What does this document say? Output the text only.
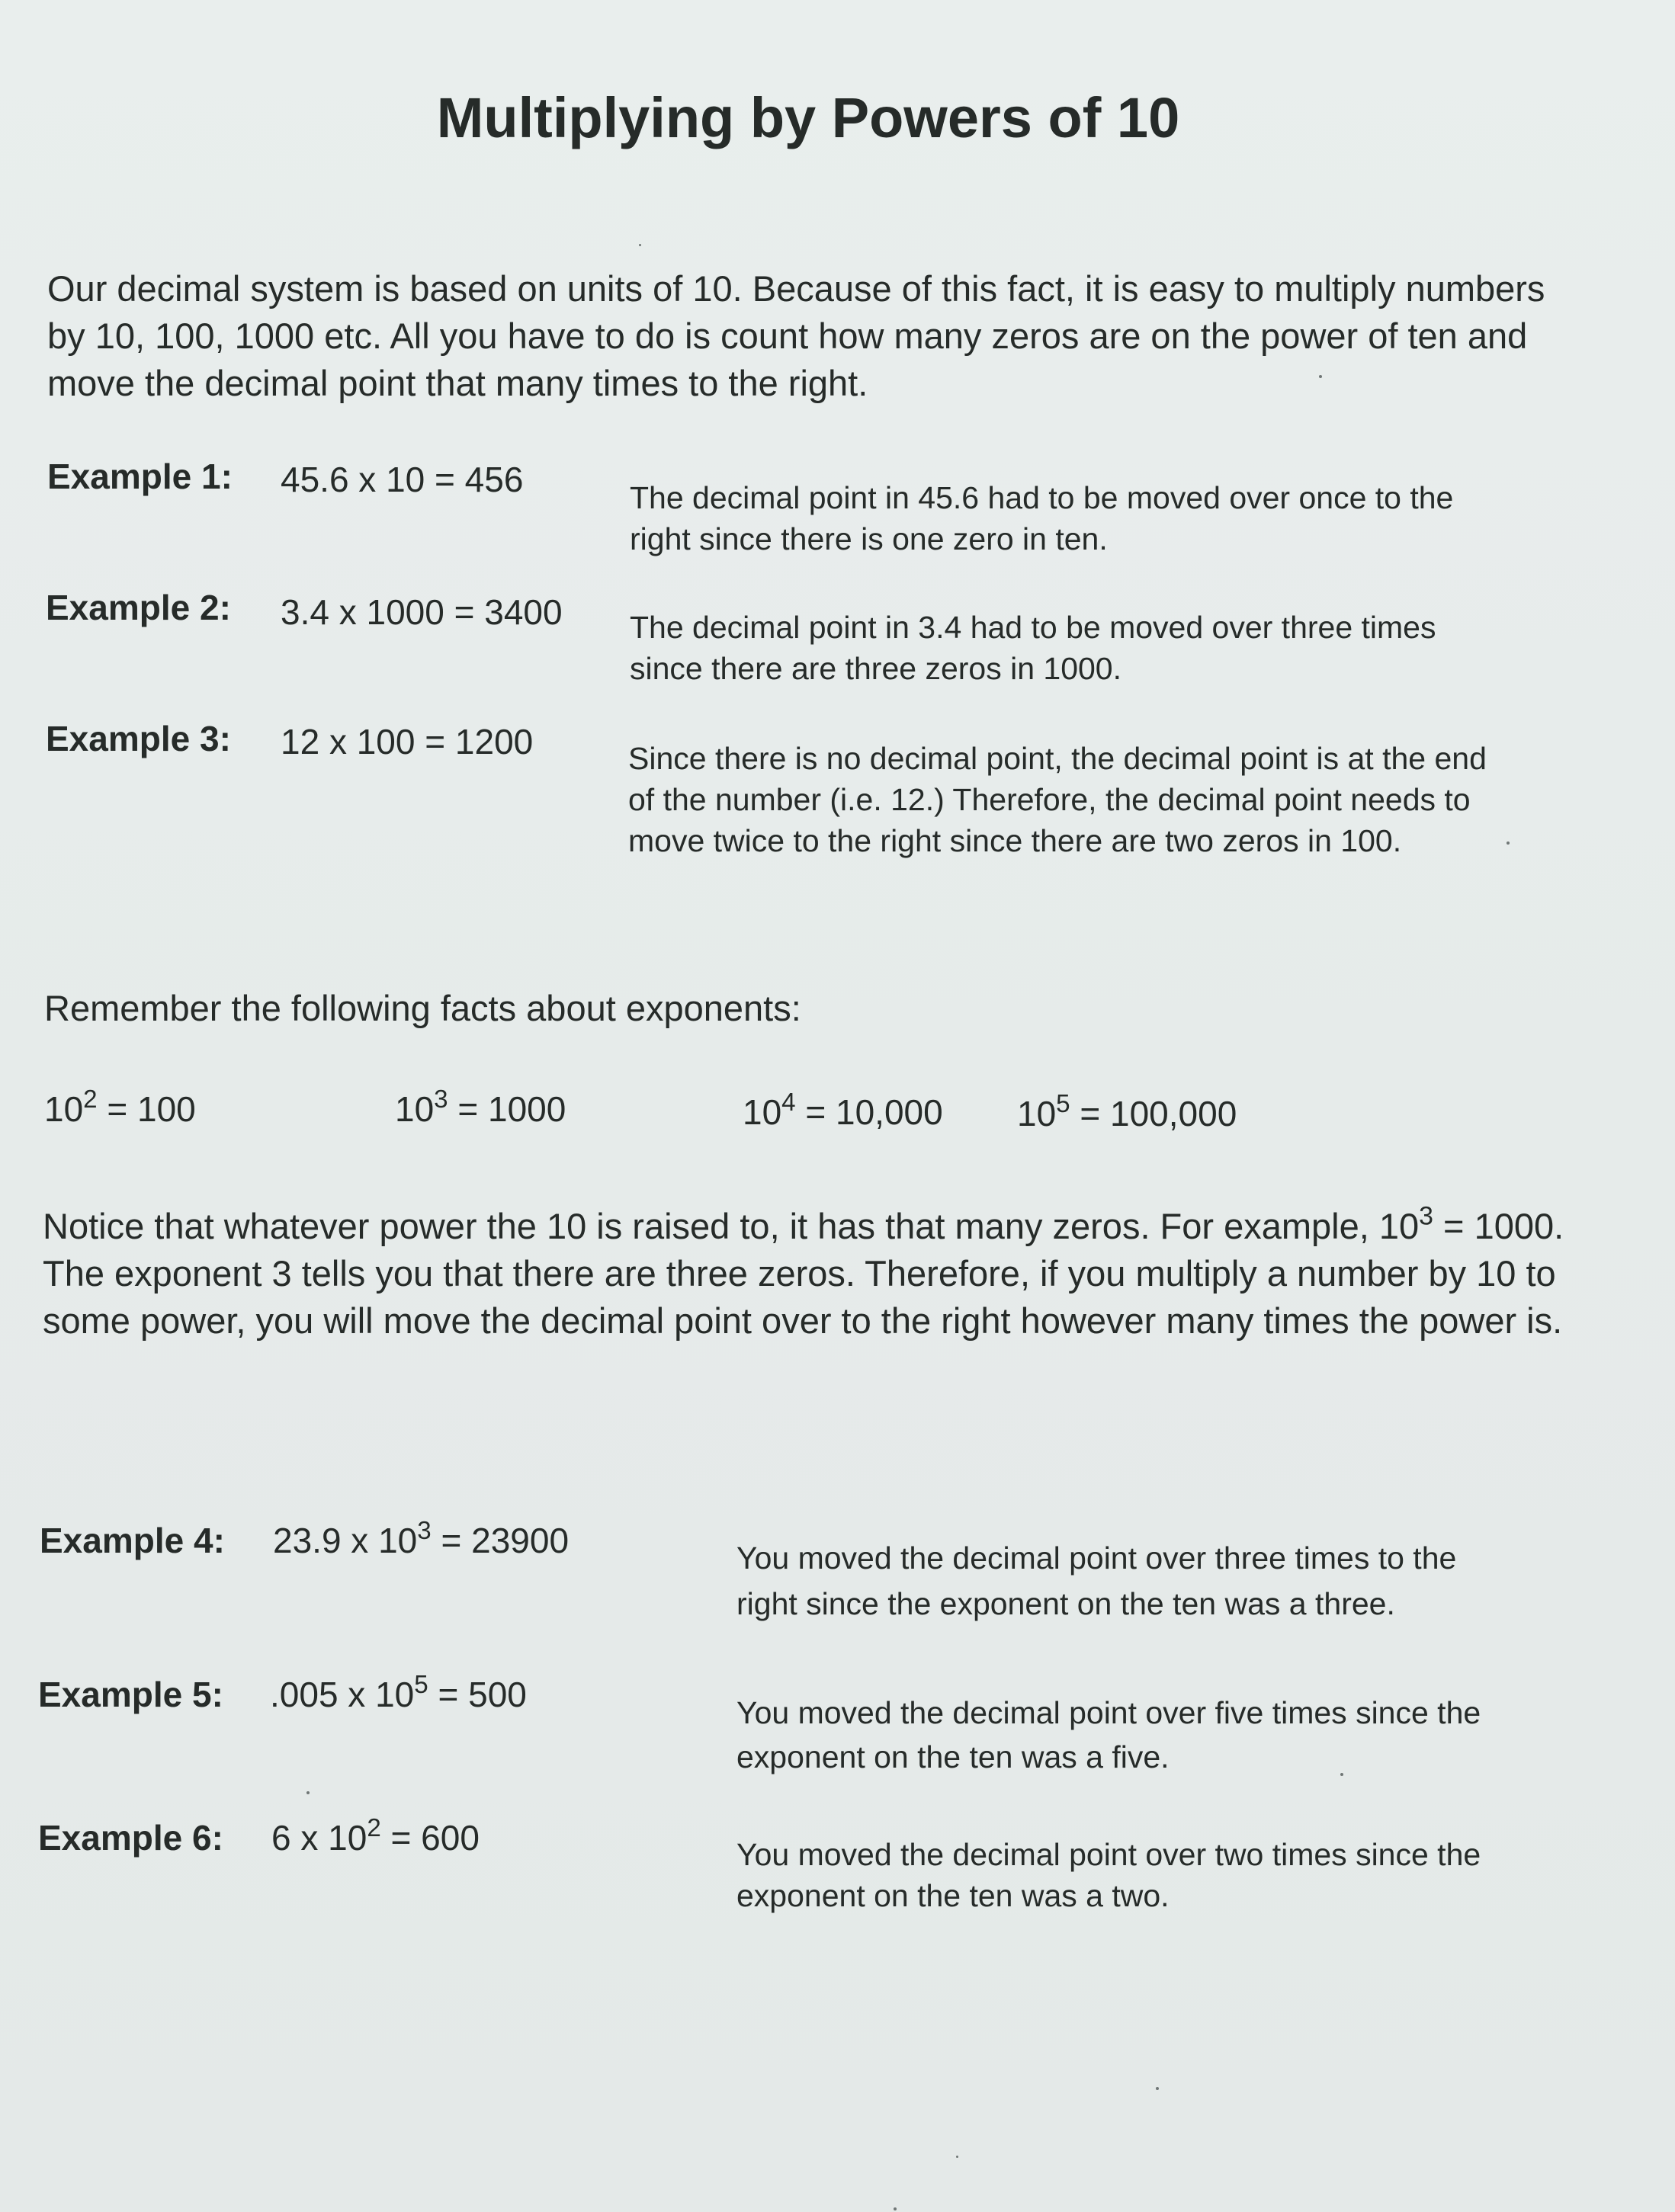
Multiplying by Powers of 10
Our decimal system is based on units of 10. Because of this fact, it is easy to multiply numbers by 10, 100, 1000 etc. All you have to do is count how many zeros are on the power of ten and move the decimal point that many times to the right.
Example 1: 45.6 x 10 = 456	The decimal point in 45.6 had to be moved over once to the right since there is one zero in ten.
Example 2: 3.4 x 1000 = 3400 The decimal point in 3.4 had to be moved over three times since there are three zeros in 1000.
Example 3: 12 x 100 = 1200	Since there is no decimal point, the decimal point is at the end of the number (i.e. 12.) Therefore, the decimal point needs to move twice to the right since there are two zeros in 100.
Remember the following facts about exponents:
$10^2 = 100$	$10^3 = 1000$	$10^4 = 10,000$ $10^5 = 100,000$
Notice that whatever power the 10 is raised to, it has that many zeros. For example, $10^3 = 1000$. The exponent 3 tells you that there are three zeros. Therefore, if you multiply a number by 10 to some power, you will move the decimal point over to the right however many times the power is.
Example 4: 23.9 x $10^3 = 23900$	You moved the decimal point over three times to the right since the exponent on the ten was a three.
Example 5: .005 x $10^5 = 500$	You moved the decimal point over five times since the exponent on the ten was a five.
Example 6: 6 x $10^2 = 600$	You moved the decimal point over two times since the exponent on the ten was a two.
